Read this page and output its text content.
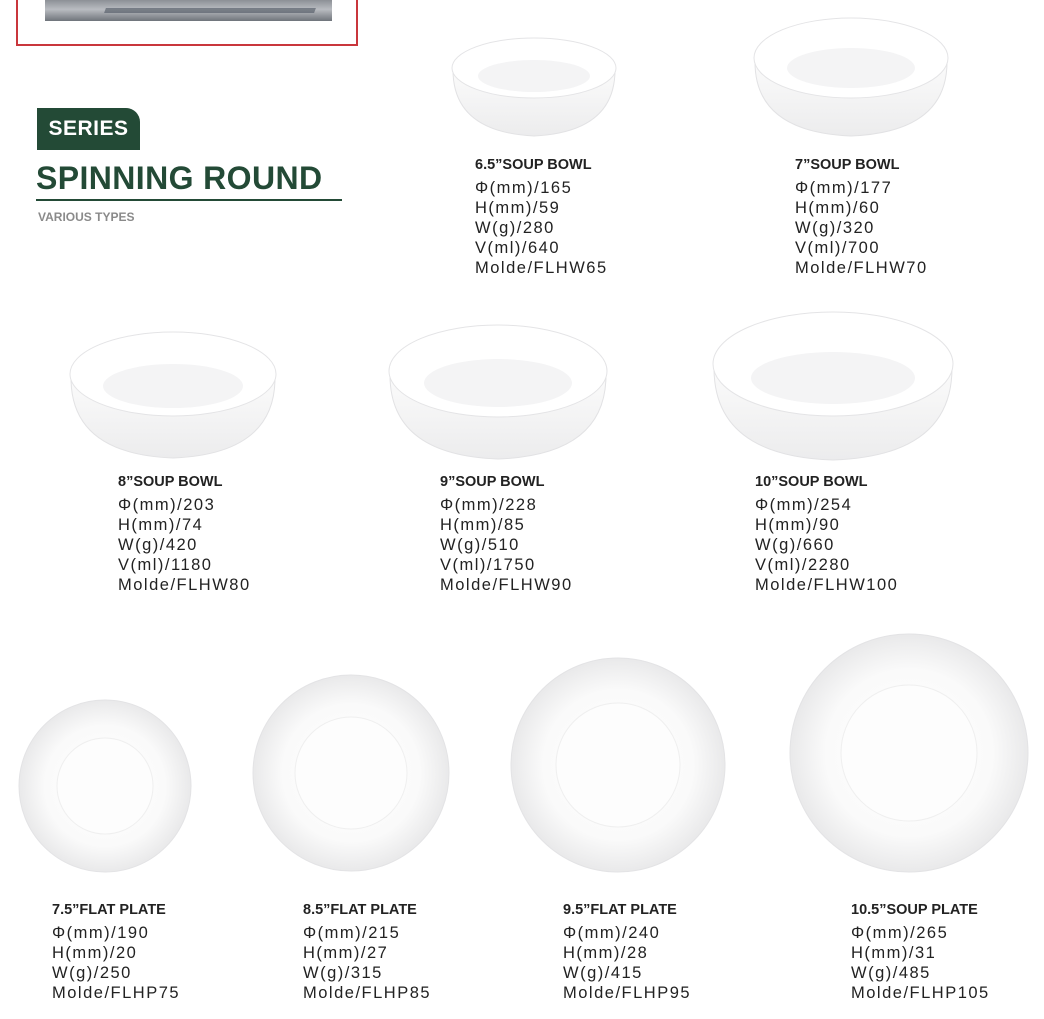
SERIES
SPINNING ROUND
VARIOUS TYPES
6.5”SOUP BOWL
Φ(mm)/165
H(mm)/59
W(g)/280
V(ml)/640
Molde/FLHW65
7”SOUP BOWL
Φ(mm)/177
H(mm)/60
W(g)/320
V(ml)/700
Molde/FLHW70
8”SOUP BOWL
Φ(mm)/203
H(mm)/74
W(g)/420
V(ml)/1180
Molde/FLHW80
9”SOUP BOWL
Φ(mm)/228
H(mm)/85
W(g)/510
V(ml)/1750
Molde/FLHW90
10”SOUP BOWL
Φ(mm)/254
H(mm)/90
W(g)/660
V(ml)/2280
Molde/FLHW100
7.5”FLAT PLATE
Φ(mm)/190
H(mm)/20
W(g)/250
Molde/FLHP75
8.5”FLAT PLATE
Φ(mm)/215
H(mm)/27
W(g)/315
Molde/FLHP85
9.5”FLAT PLATE
Φ(mm)/240
H(mm)/28
W(g)/415
Molde/FLHP95
10.5”SOUP PLATE
Φ(mm)/265
H(mm)/31
W(g)/485
Molde/FLHP105
